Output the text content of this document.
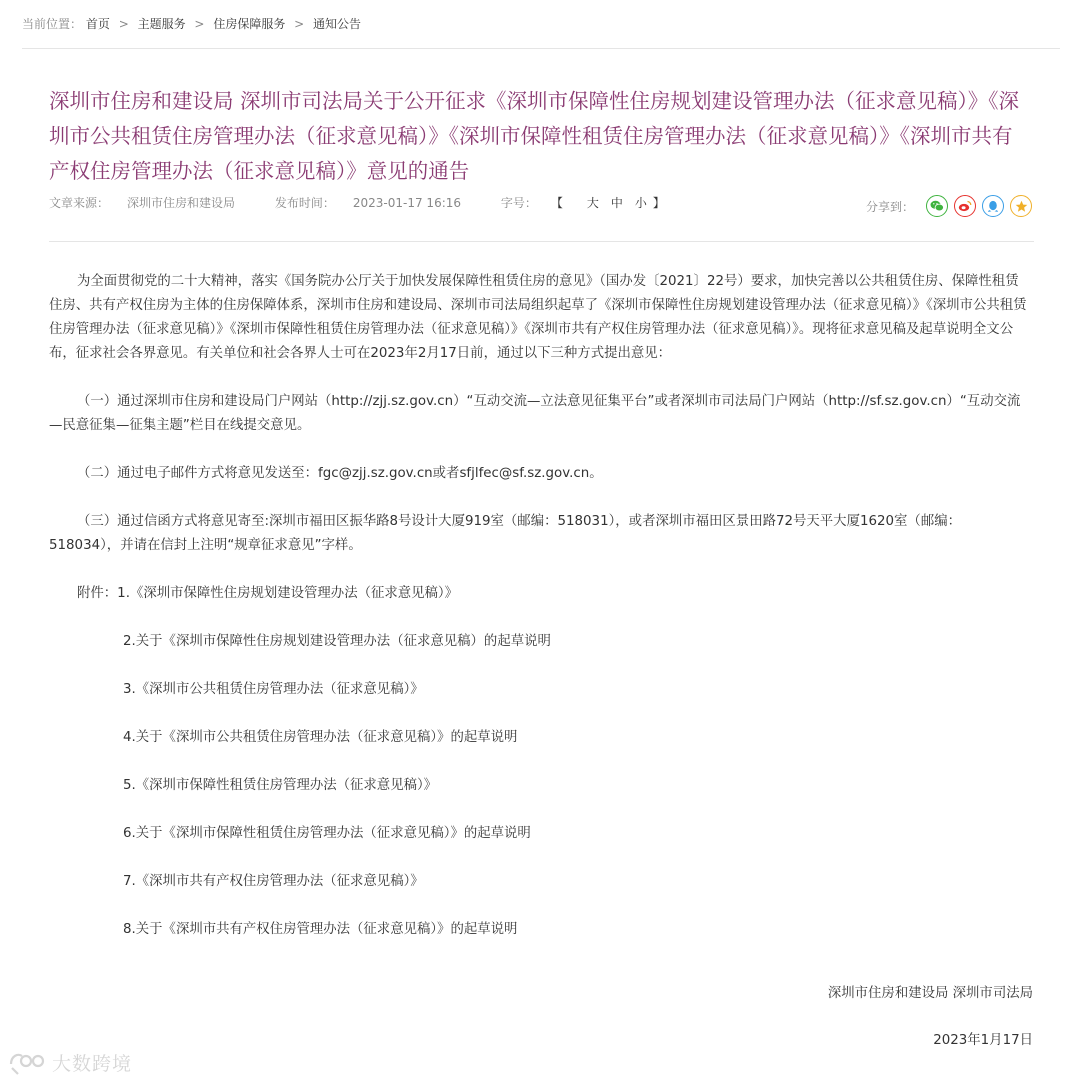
当前位置： 首页 > 主题服务 > 住房保障服务 > 通知公告
深圳市住房和建设局 深圳市司法局关于公开征求《深圳市保障性住房规划建设管理办法（征求意见稿）》《深圳市公共租赁住房管理办法（征求意见稿）》《深圳市保障性租赁住房管理办法（征求意见稿）》《深圳市共有产权住房管理办法（征求意见稿）》意见的通告
文章来源： 深圳市住房和建设局	发布时间： 2023-01-17 16:16	字号： 【 大 中 小 】	分享到：

为全面贯彻党的二十大精神，落实《国务院办公厅关于加快发展保障性租赁住房的意见》（国办发〔2021〕22号）要求，加快完善以公共租赁住房、保障性租赁住房、共有产权住房为主体的住房保障体系，深圳市住房和建设局、深圳市司法局组织起草了《深圳市保障性住房规划建设管理办法（征求意见稿）》《深圳市公共租赁住房管理办法（征求意见稿）》《深圳市保障性租赁住房管理办法（征求意见稿）》《深圳市共有产权住房管理办法（征求意见稿）》。现将征求意见稿及起草说明全文公布，征求社会各界意见。有关单位和社会各界人士可在2023年2月17日前，通过以下三种方式提出意见：

（一）通过深圳市住房和建设局门户网站（http://zjj.sz.gov.cn）“互动交流—立法意见征集平台”或者深圳市司法局门户网站（http://sf.sz.gov.cn）“互动交流—民意征集—征集主题”栏目在线提交意见。

（二）通过电子邮件方式将意见发送至：fgc@zjj.sz.gov.cn或者sfjlfec@sf.sz.gov.cn。

（三）通过信函方式将意见寄至:深圳市福田区振华路8号设计大厦919室（邮编：518031），或者深圳市福田区景田路72号天平大厦1620室（邮编：518034），并请在信封上注明“规章征求意见”字样。

附件：1.《深圳市保障性住房规划建设管理办法（征求意见稿）》
2.关于《深圳市保障性住房规划建设管理办法（征求意见稿）的起草说明
3.《深圳市公共租赁住房管理办法（征求意见稿）》
4.关于《深圳市公共租赁住房管理办法（征求意见稿）》的起草说明
5.《深圳市保障性租赁住房管理办法（征求意见稿）》
6.关于《深圳市保障性租赁住房管理办法（征求意见稿）》的起草说明
7.《深圳市共有产权住房管理办法（征求意见稿）》
8.关于《深圳市共有产权住房管理办法（征求意见稿）》的起草说明
深圳市住房和建设局 深圳市司法局
2023年1月17日
大数跨境
